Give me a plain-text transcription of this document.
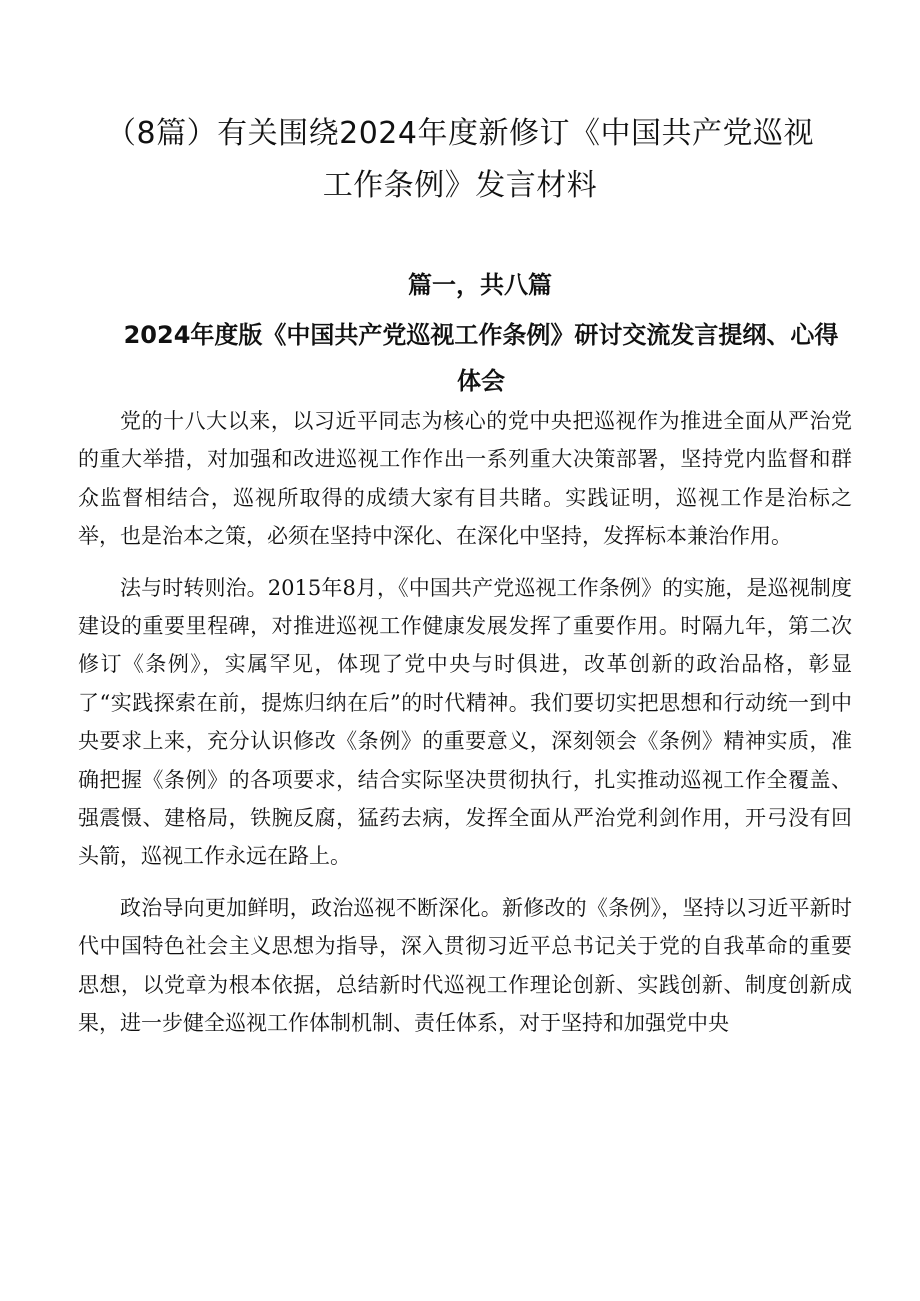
（8篇）有关围绕2024年度新修订《中国共产党巡视工作条例》发言材料
篇一，共八篇
2024年度版《中国共产党巡视工作条例》研讨交流发言提纲、心得体会

党的十八大以来，以习近平同志为核心的党中央把巡视作为推进全面从严治党的重大举措，对加强和改进巡视工作作出一系列重大决策部署，坚持党内监督和群众监督相结合，巡视所取得的成绩大家有目共睹。实践证明，巡视工作是治标之举，也是治本之策，必须在坚持中深化、在深化中坚持，发挥标本兼治作用。

法与时转则治。2015年8月，《中国共产党巡视工作条例》的实施，是巡视制度建设的重要里程碑，对推进巡视工作健康发展发挥了重要作用。时隔九年，第二次修订《条例》，实属罕见，体现了党中央与时俱进，改革创新的政治品格，彰显了“实践探索在前，提炼归纳在后”的时代精神。我们要切实把思想和行动统一到中央要求上来，充分认识修改《条例》的重要意义，深刻领会《条例》精神实质，准确把握《条例》的各项要求，结合实际坚决贯彻执行，扎实推动巡视工作全覆盖、强震慑、建格局，铁腕反腐，猛药去病，发挥全面从严治党利剑作用，开弓没有回头箭，巡视工作永远在路上。

政治导向更加鲜明，政治巡视不断深化。新修改的《条例》，坚持以习近平新时代中国特色社会主义思想为指导，深入贯彻习近平总书记关于党的自我革命的重要思想，以党章为根本依据，总结新时代巡视工作理论创新、实践创新、制度创新成果，进一步健全巡视工作体制机制、责任体系，对于坚持和加强党中央
